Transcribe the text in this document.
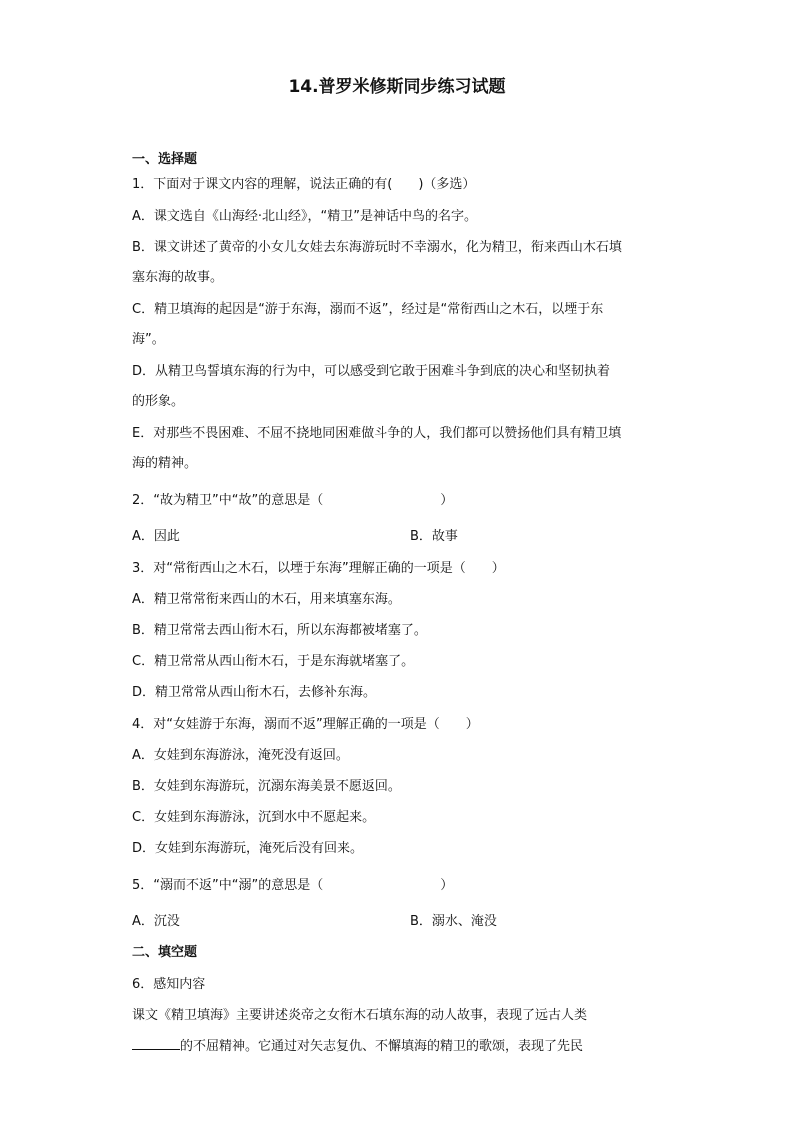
14.普罗米修斯同步练习试题
一、选择题
1．下面对于课文内容的理解，说法正确的有(　　)（多选）
A．课文选自《山海经·北山经》，“精卫”是神话中鸟的名字。
B．课文讲述了黄帝的小女儿女娃去东海游玩时不幸溺水，化为精卫，衔来西山木石填
塞东海的故事。
C．精卫填海的起因是“游于东海，溺而不返”，经过是“常衔西山之木石，以堙于东
海”。
D．从精卫鸟誓填东海的行为中，可以感受到它敢于困难斗争到底的决心和坚韧执着
的形象。
E．对那些不畏困难、不屈不挠地同困难做斗争的人，我们都可以赞扬他们具有精卫填
海的精神。
2．“故为精卫”中“故”的意思是（　　　　　　　　　）
A．因此	B．故事
3．对“常衔西山之木石，以堙于东海”理解正确的一项是（　　）
A．精卫常常衔来西山的木石，用来填塞东海。
B．精卫常常去西山衔木石，所以东海都被堵塞了。
C．精卫常常从西山衔木石，于是东海就堵塞了。
D．精卫常常从西山衔木石，去修补东海。
4．对“女娃游于东海，溺而不返”理解正确的一项是（　　）
A．女娃到东海游泳，淹死没有返回。
B．女娃到东海游玩，沉溺东海美景不愿返回。
C．女娃到东海游泳，沉到水中不愿起来。
D．女娃到东海游玩，淹死后没有回来。
5．“溺而不返”中“溺”的意思是（　　　　　　　　　）
A．沉没	B．溺水、淹没
二、填空题
6．感知内容
课文《精卫填海》主要讲述炎帝之女衔木石填东海的动人故事，表现了远古人类
的不屈精神。它通过对矢志复仇、不懈填海的精卫的歌颂，表现了先民
